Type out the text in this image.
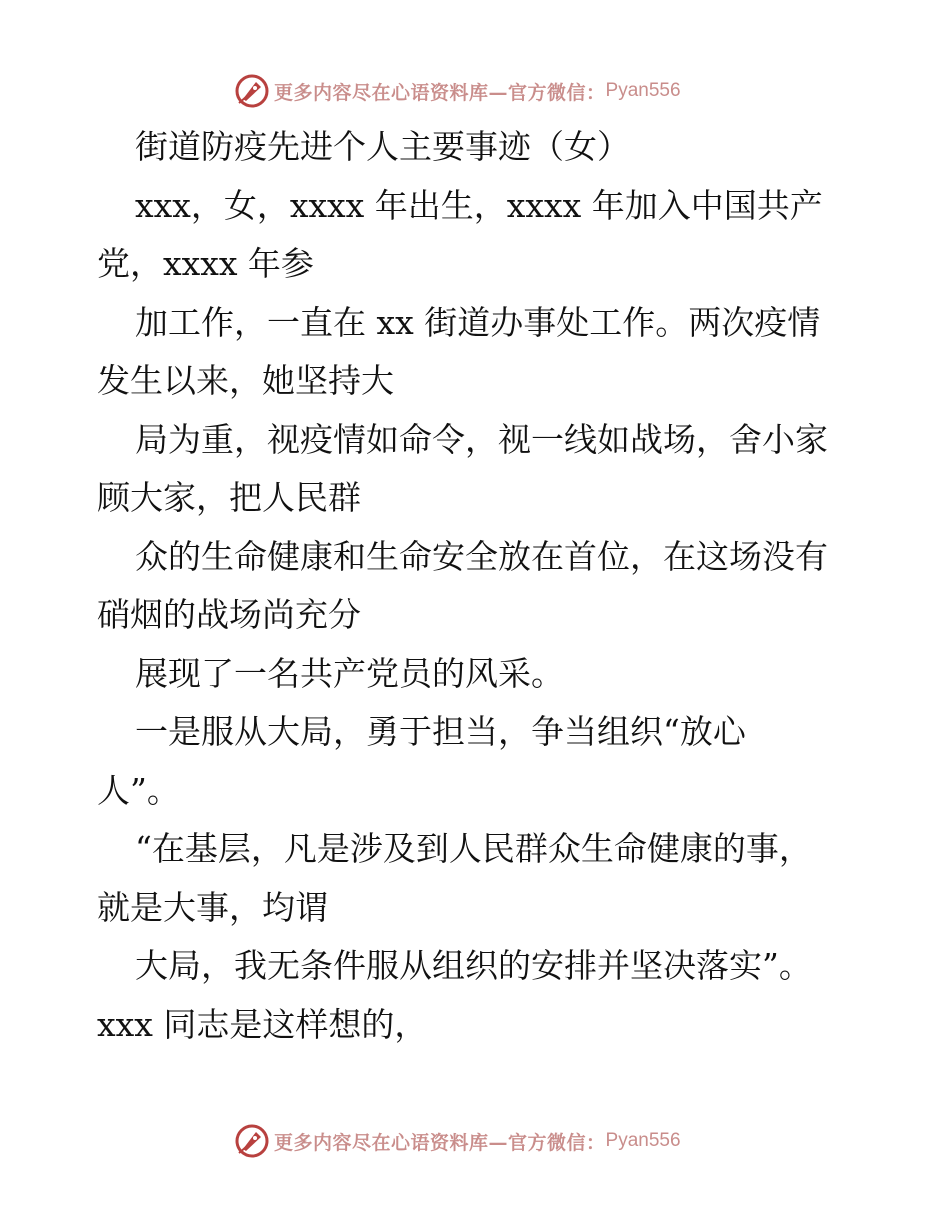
更多内容尽在心语资料库—官方微信： Pyan556
街道防疫先进个人主要事迹（女）
xxx，女，xxxx 年出生，xxxx 年加入中国共产
党，xxxx 年参
加工作，一直在 xx 街道办事处工作。两次疫情
发生以来，她坚持大
局为重，视疫情如命令，视一线如战场，舍小家
顾大家，把人民群
众的生命健康和生命安全放在首位，在这场没有
硝烟的战场尚充分
展现了一名共产党员的风采。
一是服从大局，勇于担当，争当组织“放心
人”。
“在基层，凡是涉及到人民群众生命健康的事，
就是大事，均谓
大局，我无条件服从组织的安排并坚决落实”。
xxx 同志是这样想的，
更多内容尽在心语资料库—官方微信： Pyan556
